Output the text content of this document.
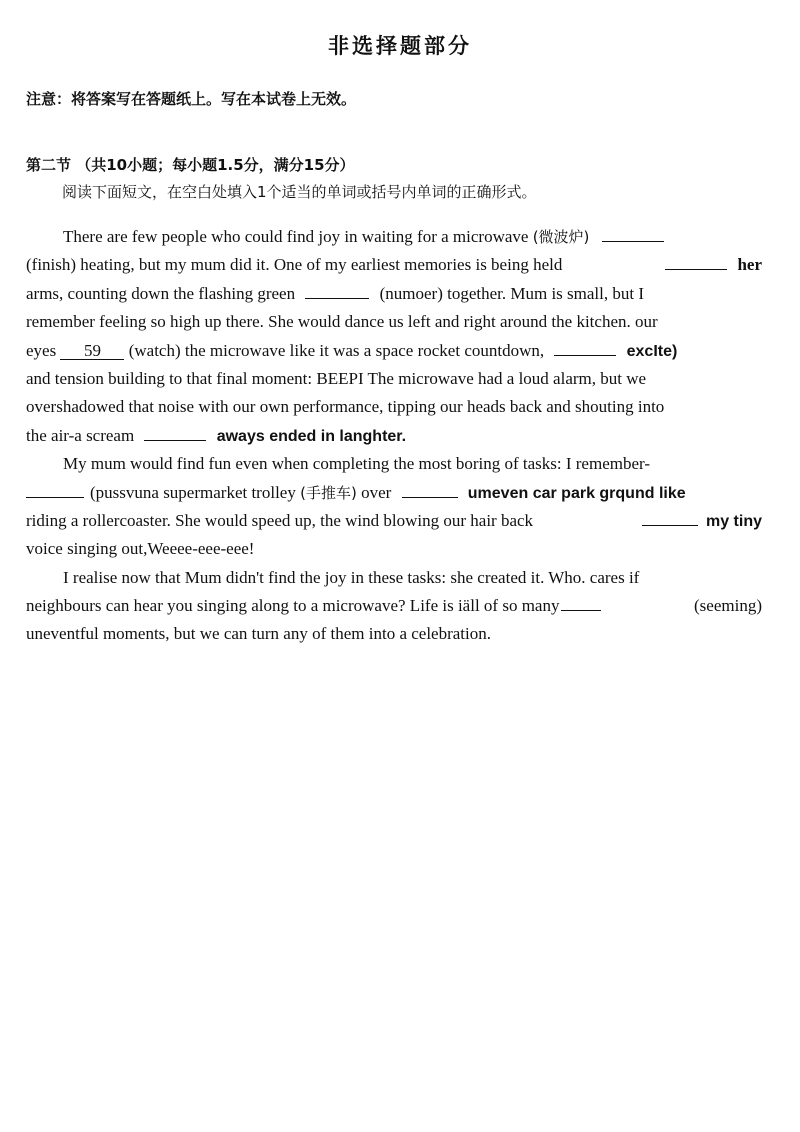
非选择题部分
注意：将答案写在答题纸上。写在本试卷上无效。
第二节 （共10小题；每小题1.5分，满分15分）
阅读下面短文，在空白处填入1个适当的单词或括号内单词的正确形式。
There are few people who could find joy in waiting for a microwave (微波炉)
(finish) heating, but my mum did it. One of my earliest memories is being held	her
arms, counting down the flashing green	(numoer) together. Mum is small, but I
remember feeling so high up there. She would dance us left and right around the kitchen. our
eyes 59 (watch) the microwave like it was a space rocket countdown,	excIte)
and tension building to that final moment: BEEPI The microwave had a loud alarm, but we
overshadowed that noise with our own performance, tipping our heads back and shouting into
the air-a scream	aways ended in langhter.
My mum would find fun even when completing the most boring of tasks: I remember-
(pussvuna supermarket trolley (手推车) over	umeven car park grqund like
riding a rollercoaster. She would speed up, the wind blowing our hair back	my tiny
voice singing out,Weeee-eee-eee!
I realise now that Mum didn't find the joy in these tasks: she created it. Who. cares if
neighbours can hear you singing along to a microwave? Life is iäll of so many	(seeming)
uneventful moments, but we can turn any of them into a celebration.
